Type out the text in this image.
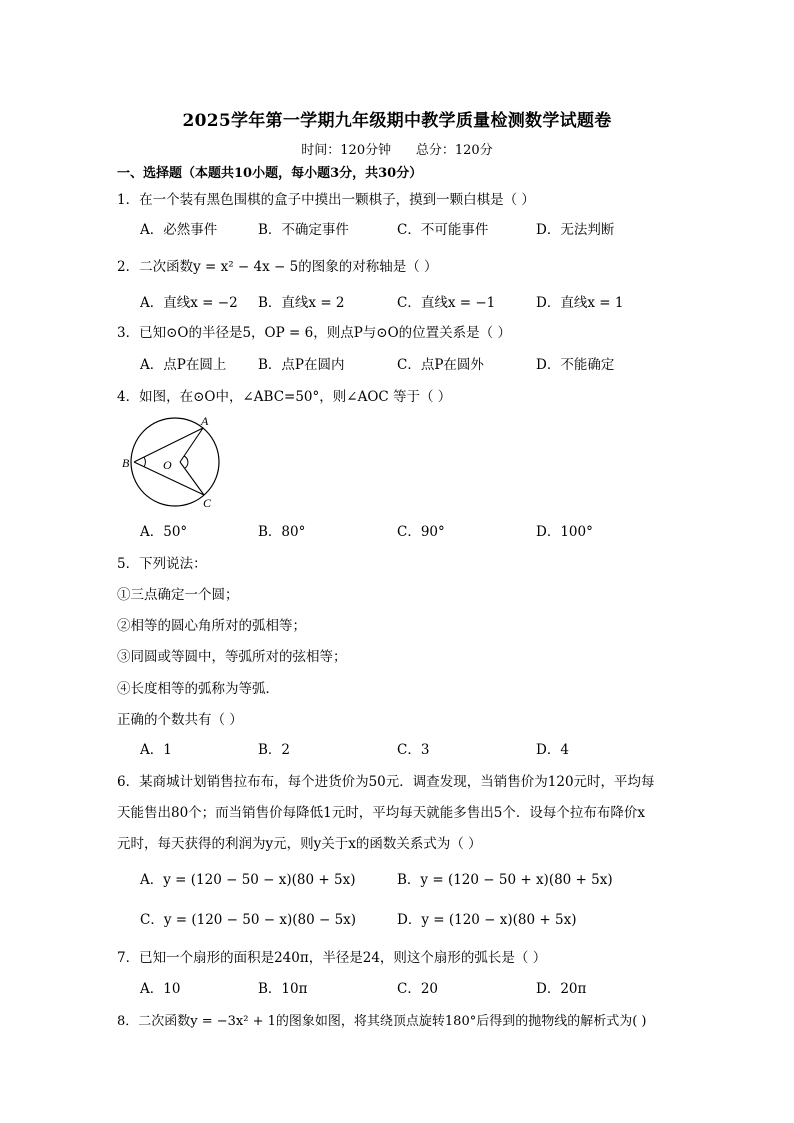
2025学年第一学期九年级期中教学质量检测数学试题卷
时间：120分钟      总分：120分
一、选择题（本题共10小题，每小题3分，共30分）
1．在一个装有黑色围棋的盒子中摸出一颗棋子，摸到一颗白棋是（ ）
A．必然事件	B．不确定事件	C．不可能事件	D．无法判断
2．二次函数y = x² − 4x − 5的图象的对称轴是（ ）
A．直线x = −2 B．直线x = 2	C．直线x = −1	D．直线x = 1
3．已知⊙O的半径是5，OP = 6，则点P与⊙O的位置关系是（ ）
A．点P在圆上 B．点P在圆内	C．点P在圆外	D．不能确定
4．如图，在⊙O中，∠ABC=50°，则∠AOC 等于（ ）
A
B
C
O
A．50°	B．80°	C．90°	D．100°
5．下列说法：
①三点确定一个圆；
②相等的圆心角所对的弧相等；
③同圆或等圆中，等弧所对的弦相等；
④长度相等的弧称为等弧．
正确的个数共有（ ）
A．1	B．2	C．3	D．4
6．某商城计划销售拉布布，每个进货价为50元．调查发现，当销售价为120元时，平均每
天能售出80个；而当销售价每降低1元时，平均每天就能多售出5个．设每个拉布布降价x
元时，每天获得的利润为y元，则y关于x的函数关系式为（ ）
A．y = (120 − 50 − x)(80 + 5x)	B．y = (120 − 50 + x)(80 + 5x)
C．y = (120 − 50 − x)(80 − 5x)	D．y = (120 − x)(80 + 5x)
7．已知一个扇形的面积是240π，半径是24，则这个扇形的弧长是（ ）
A．10	B．10π	C．20	D．20π
8．二次函数y = −3x² + 1的图象如图，将其绕顶点旋转180°后得到的抛物线的解析式为( )
